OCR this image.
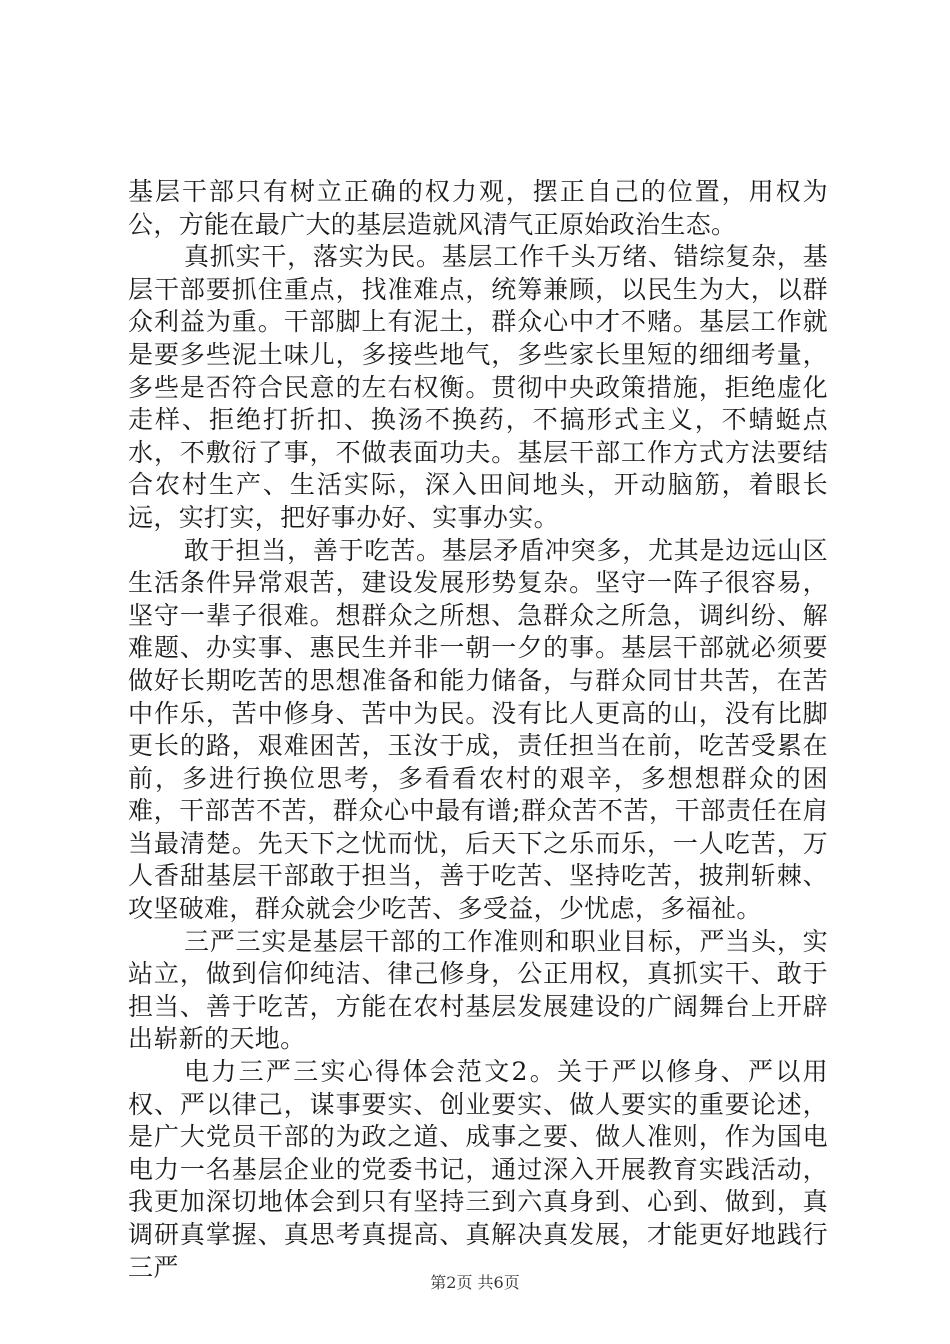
基层干部只有树立正确的权力观，摆正自己的位置，用权为公，方能在最广大的基层造就风清气正原始政治生态。

真抓实干，落实为民。基层工作千头万绪、错综复杂，基层干部要抓住重点，找准难点，统筹兼顾，以民生为大，以群众利益为重。干部脚上有泥土，群众心中才不赌。基层工作就是要多些泥土味儿，多接些地气，多些家长里短的细细考量，多些是否符合民意的左右权衡。贯彻中央政策措施，拒绝虚化走样、拒绝打折扣、换汤不换药，不搞形式主义，不蜻蜓点水，不敷衍了事，不做表面功夫。基层干部工作方式方法要结合农村生产、生活实际，深入田间地头，开动脑筋，着眼长远，实打实，把好事办好、实事办实。

敢于担当，善于吃苦。基层矛盾冲突多，尤其是边远山区生活条件异常艰苦，建设发展形势复杂。坚守一阵子很容易，坚守一辈子很难。想群众之所想、急群众之所急，调纠纷、解难题、办实事、惠民生并非一朝一夕的事。基层干部就必须要做好长期吃苦的思想准备和能力储备，与群众同甘共苦，在苦中作乐，苦中修身、苦中为民。没有比人更高的山，没有比脚更长的路，艰难困苦，玉汝于成，责任担当在前，吃苦受累在前，多进行换位思考，多看看农村的艰辛，多想想群众的困难，干部苦不苦，群众心中最有谱;群众苦不苦，干部责任在肩当最清楚。先天下之忧而忧，后天下之乐而乐，一人吃苦，万人香甜基层干部敢于担当，善于吃苦、坚持吃苦，披荆斩棘、攻坚破难，群众就会少吃苦、多受益，少忧虑，多福祉。

三严三实是基层干部的工作准则和职业目标，严当头，实站立，做到信仰纯洁、律己修身，公正用权，真抓实干、敢于担当、善于吃苦，方能在农村基层发展建设的广阔舞台上开辟出崭新的天地。

电力三严三实心得体会范文2。关于严以修身、严以用权、严以律己，谋事要实、创业要实、做人要实的重要论述，是广大党员干部的为政之道、成事之要、做人准则，作为国电电力一名基层企业的党委书记，通过深入开展教育实践活动，我更加深切地体会到只有坚持三到六真身到、心到、做到，真调研真掌握、真思考真提高、真解决真发展，才能更好地践行三严

第2页 共6页
